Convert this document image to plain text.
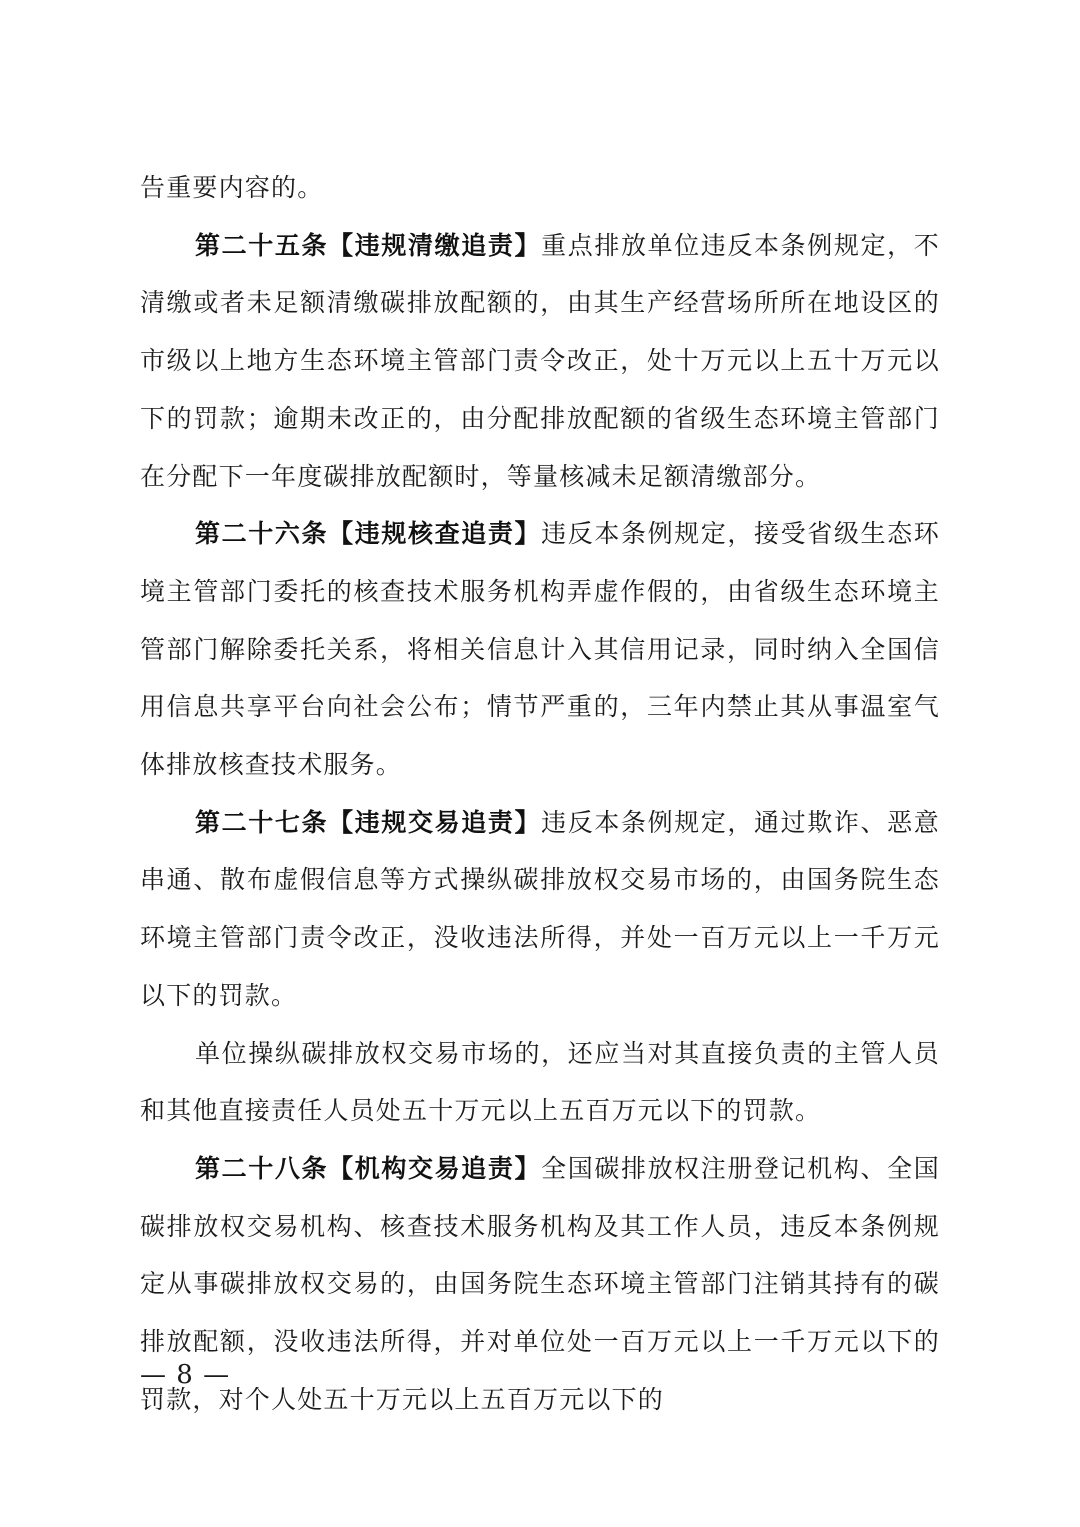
告重要内容的。

第二十五条【违规清缴追责】重点排放单位违反本条例规定，不清缴或者未足额清缴碳排放配额的，由其生产经营场所所在地设区的市级以上地方生态环境主管部门责令改正，处十万元以上五十万元以下的罚款；逾期未改正的，由分配排放配额的省级生态环境主管部门在分配下一年度碳排放配额时，等量核减未足额清缴部分。

第二十六条【违规核查追责】违反本条例规定，接受省级生态环境主管部门委托的核查技术服务机构弄虚作假的，由省级生态环境主管部门解除委托关系，将相关信息计入其信用记录，同时纳入全国信用信息共享平台向社会公布；情节严重的，三年内禁止其从事温室气体排放核查技术服务。

第二十七条【违规交易追责】违反本条例规定，通过欺诈、恶意串通、散布虚假信息等方式操纵碳排放权交易市场的，由国务院生态环境主管部门责令改正，没收违法所得，并处一百万元以上一千万元以下的罚款。

单位操纵碳排放权交易市场的，还应当对其直接负责的主管人员和其他直接责任人员处五十万元以上五百万元以下的罚款。

第二十八条【机构交易追责】全国碳排放权注册登记机构、全国碳排放权交易机构、核查技术服务机构及其工作人员，违反本条例规定从事碳排放权交易的，由国务院生态环境主管部门注销其持有的碳排放配额，没收违法所得，并对单位处一百万元以上一千万元以下的罚款，对个人处五十万元以上五百万元以下的

— 8 —
